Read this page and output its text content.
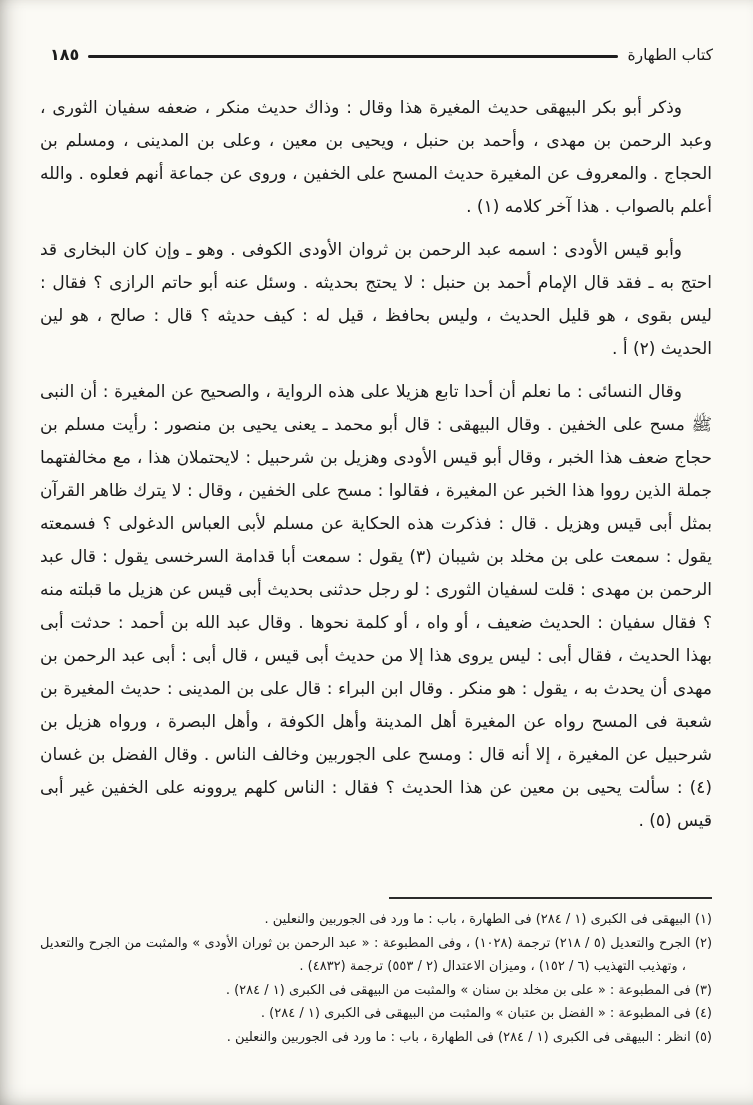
كتاب الطهارة
١٨٥

وذكر أبو بكر البيهقى حديث المغيرة هذا وقال : وذاك حديث منكر ، ضعفه سفيان الثورى ، وعبد الرحمن بن مهدى ، وأحمد بن حنبل ، ويحيى بن معين ، وعلى بن المدينى ، ومسلم بن الحجاج . والمعروف عن المغيرة حديث المسح على الخفين ، وروى عن جماعة أنهم فعلوه . والله أعلم بالصواب . هذا آخر كلامه (١) .

وأبو قيس الأودى : اسمه عبد الرحمن بن ثروان الأودى الكوفى . وهو ـ وإن كان البخارى قد احتج به ـ فقد قال الإمام أحمد بن حنبل : لا يحتج بحديثه . وسئل عنه أبو حاتم الرازى ؟ فقال : ليس بقوى ، هو قليل الحديث ، وليس بحافظ ، قيل له : كيف حديثه ؟ قال : صالح ، هو لين الحديث (٢) أ .

وقال النسائى : ما نعلم أن أحدا تابع هزيلا على هذه الرواية ، والصحيح عن المغيرة : أن النبى ﷺ مسح على الخفين . وقال البيهقى : قال أبو محمد ـ يعنى يحيى بن منصور : رأيت مسلم بن حجاج ضعف هذا الخبر ، وقال أبو قيس الأودى وهزيل بن شرحبيل : لايحتملان هذا ، مع مخالفتهما جملة الذين رووا هذا الخبر عن المغيرة ، فقالوا : مسح على الخفين ، وقال : لا يترك ظاهر القرآن بمثل أبى قيس وهزيل . قال : فذكرت هذه الحكاية عن مسلم لأبى العباس الدغولى ؟ فسمعته يقول : سمعت على بن مخلد بن شيبان (٣) يقول : سمعت أبا قدامة السرخسى يقول : قال عبد الرحمن بن مهدى : قلت لسفيان الثورى : لو رجل حدثنى بحديث أبى قيس عن هزيل ما قبلته منه ؟ فقال سفيان : الحديث ضعيف ، أو واه ، أو كلمة نحوها . وقال عبد الله بن أحمد : حدثت أبى بهذا الحديث ، فقال أبى : ليس يروى هذا إلا من حديث أبى قيس ، قال أبى : أبى عبد الرحمن بن مهدى أن يحدث به ، يقول : هو منكر . وقال ابن البراء : قال على بن المدينى : حديث المغيرة بن شعبة فى المسح رواه عن المغيرة أهل المدينة وأهل الكوفة ، وأهل البصرة ، ورواه هزيل بن شرحبيل عن المغيرة ، إلا أنه قال : ومسح على الجوربين وخالف الناس . وقال الفضل بن غسان (٤) : سألت يحيى بن معين عن هذا الحديث ؟ فقال : الناس كلهم يروونه على الخفين غير أبى قيس (٥) .

(١) البيهقى فى الكبرى (١ / ٢٨٤) فى الطهارة ، باب : ما ورد فى الجوربين والنعلين .

(٢) الجرح والتعديل (٥ / ٢١٨) ترجمة (١٠٢٨) ، وفى المطبوعة : « عبد الرحمن بن ثوران الأودى » والمثبت من الجرح والتعديل ، وتهذيب التهذيب (٦ / ١٥٢) ، وميزان الاعتدال (٢ / ٥٥٣) ترجمة (٤٨٣٢) .

(٣) فى المطبوعة : « على بن مخلد بن سنان » والمثبت من البيهقى فى الكبرى (١ / ٢٨٤) .

(٤) فى المطبوعة : « الفضل بن عتبان » والمثبت من البيهقى فى الكبرى (١ / ٢٨٤) .

(٥) انظر : البيهقى فى الكبرى (١ / ٢٨٤) فى الطهارة ، باب : ما ورد فى الجوربين والنعلين .
